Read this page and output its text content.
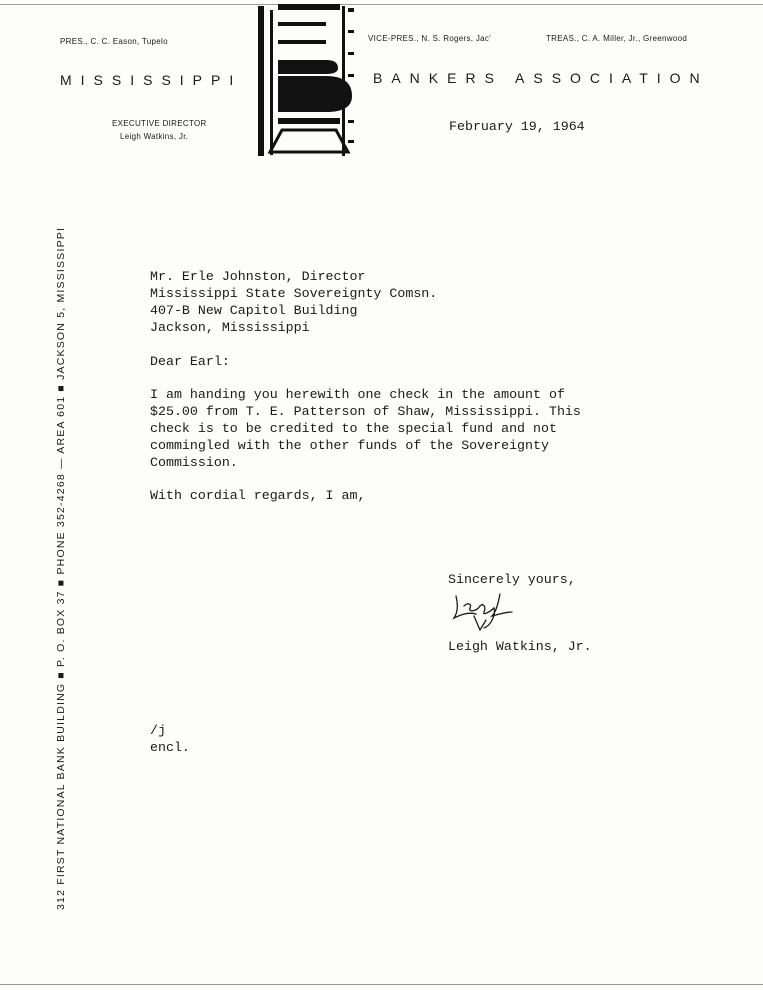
PRES., C. C. Eason, Tupelo	VICE-PRES., N. S. Rogers, Jac'	TREAS., C. A. Miller, Jr., Greenwood
MISSISSIPPI	BANKERS ASSOCIATION
EXECUTIVE DIRECTOR
Leigh Watkins, Jr.
February 19, 1964
312 FIRST NATIONAL BANK BUILDING ■ P. O. BOX 37 ■ PHONE 352-4268 — AREA 601 ■ JACKSON 5, MISSISSIPPI	Mr. Erle Johnston, Director
Mississippi State Sovereignty Comsn.
407-B New Capitol Building
Jackson, Mississippi
Dear Earl:
I am handing you herewith one check in the amount of
$25.00 from T. E. Patterson of Shaw, Mississippi. This
check is to be credited to the special fund and not
commingled with the other funds of the Sovereignty
Commission.
With cordial regards, I am,
Sincerely yours,
Leigh Watkins, Jr.
/j
encl.
